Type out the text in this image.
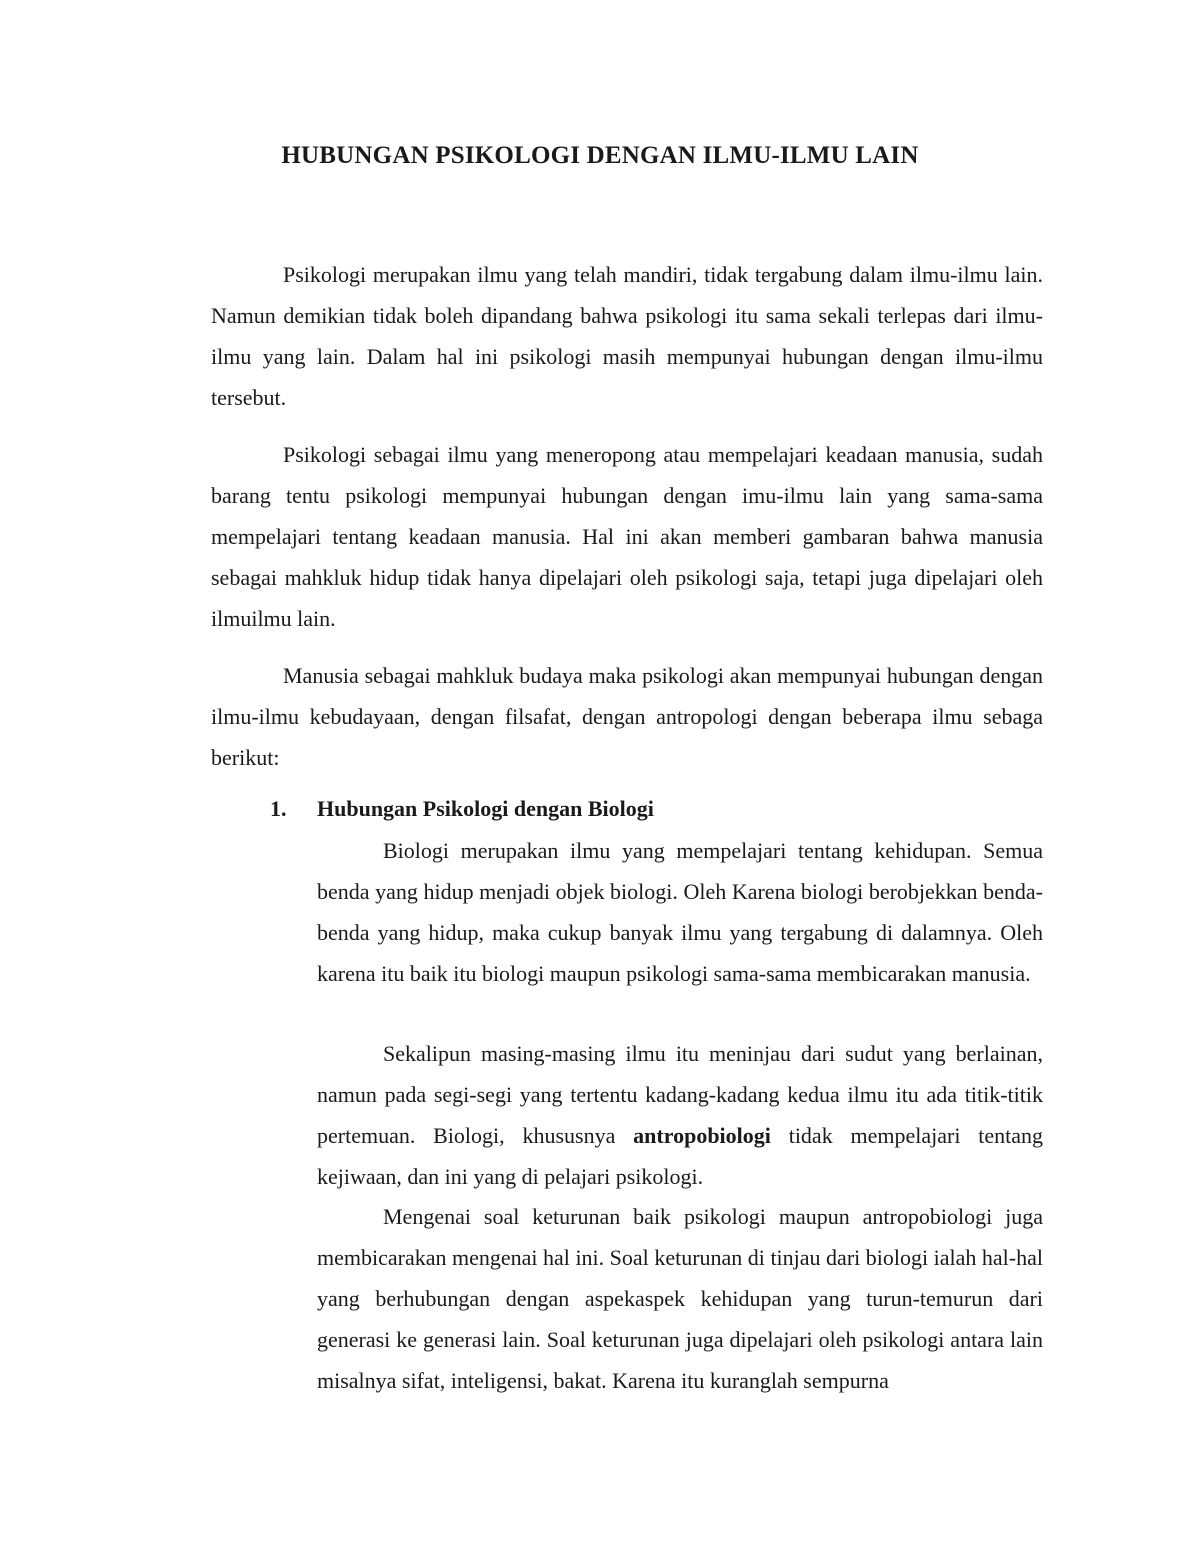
HUBUNGAN PSIKOLOGI DENGAN ILMU-ILMU LAIN

Psikologi merupakan ilmu yang telah mandiri, tidak tergabung dalam ilmu-ilmu lain. Namun demikian tidak boleh dipandang bahwa psikologi itu sama sekali terlepas dari ilmu-ilmu yang lain. Dalam hal ini psikologi masih mempunyai hubungan dengan ilmu-ilmu tersebut.

Psikologi sebagai ilmu yang meneropong atau mempelajari keadaan manusia, sudah barang tentu psikologi mempunyai hubungan dengan imu-ilmu lain yang sama-sama mempelajari tentang keadaan manusia. Hal ini akan memberi gambaran bahwa manusia sebagai mahkluk hidup tidak hanya dipelajari oleh psikologi saja, tetapi juga dipelajari oleh ilmuilmu lain.

Manusia sebagai mahkluk budaya maka psikologi akan mempunyai hubungan dengan ilmu-ilmu kebudayaan, dengan filsafat, dengan antropologi dengan beberapa ilmu sebaga berikut:

1. Hubungan Psikologi dengan Biologi

Biologi merupakan ilmu yang mempelajari tentang kehidupan. Semua benda yang hidup menjadi objek biologi. Oleh Karena biologi berobjekkan benda-benda yang hidup, maka cukup banyak ilmu yang tergabung di dalamnya. Oleh karena itu baik itu biologi maupun psikologi sama-sama membicarakan manusia.

Sekalipun masing-masing ilmu itu meninjau dari sudut yang berlainan, namun pada segi-segi yang tertentu kadang-kadang kedua ilmu itu ada titik-titik pertemuan. Biologi, khususnya antropobiologi tidak mempelajari tentang kejiwaan, dan ini yang di pelajari psikologi.

Mengenai soal keturunan baik psikologi maupun antropobiologi juga membicarakan mengenai hal ini. Soal keturunan di tinjau dari biologi ialah hal-hal yang berhubungan dengan aspekaspek kehidupan yang turun-temurun dari generasi ke generasi lain. Soal keturunan juga dipelajari oleh psikologi antara lain misalnya sifat, inteligensi, bakat. Karena itu kuranglah sempurna
